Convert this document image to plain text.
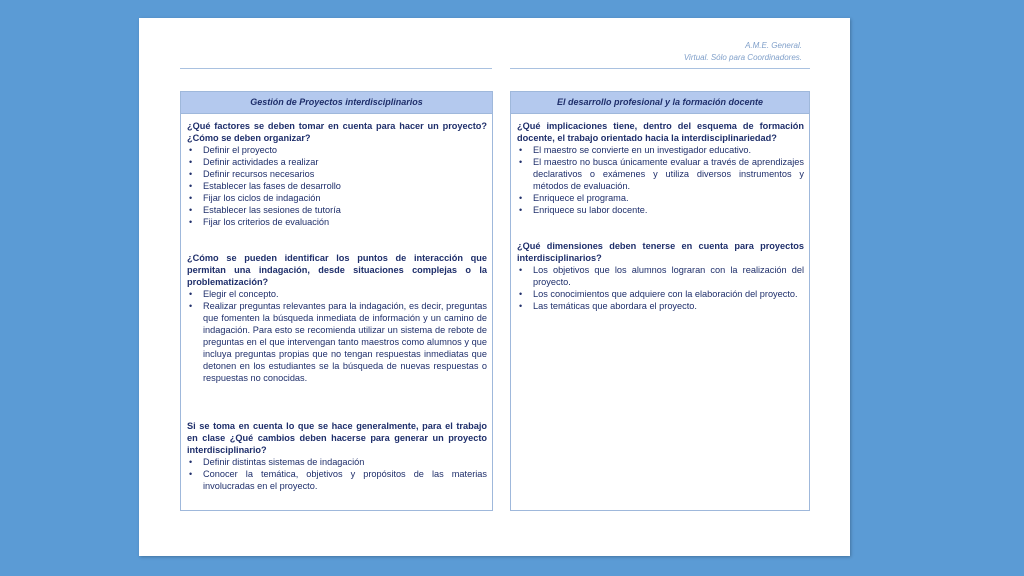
A.M.E. General.
Virtual. Sólo para Coordinadores.
Gestión de Proyectos interdisciplinarios

¿Qué factores se deben tomar en cuenta para hacer un proyecto? ¿Cómo se deben organizar?

• Definir el proyecto
• Definir actividades a realizar
• Definir recursos necesarios
• Establecer las fases de desarrollo
• Fijar los ciclos de indagación
• Establecer las sesiones de tutoría
• Fijar los criterios de evaluación

¿Cómo se pueden identificar los puntos de interacción que permitan una indagación, desde situaciones complejas o la problematización?

• Elegir el concepto.
• Realizar preguntas relevantes para la indagación, es decir, preguntas que fomenten la búsqueda inmediata de información y un camino de indagación. Para esto se recomienda utilizar un sistema de rebote de preguntas en el que intervengan tanto maestros como alumnos y que incluya preguntas propias que no tengan respuestas inmediatas que detonen en los estudiantes se la búsqueda de nuevas respuestas o respuestas no conocidas.

Si se toma en cuenta lo que se hace generalmente, para el trabajo en clase ¿Qué cambios deben hacerse para generar un proyecto interdisciplinario?

• Definir distintas sistemas de indagación
• Conocer la temática, objetivos y propósitos de las materias involucradas en el proyecto.
El desarrollo profesional y la formación docente

¿Qué implicaciones tiene, dentro del esquema de formación docente, el trabajo orientado hacia la interdisciplinariedad?

• El maestro se convierte en un investigador educativo.
• El maestro no busca únicamente evaluar a través de aprendizajes declarativos o exámenes y utiliza diversos instrumentos y métodos de evaluación.
• Enriquece el programa.
• Enriquece su labor docente.

¿Qué dimensiones deben tenerse en cuenta para proyectos interdisciplinarios?

• Los objetivos que los alumnos lograran con la realización del proyecto.
• Los conocimientos que adquiere con la elaboración del proyecto.
• Las temáticas que abordara el proyecto.
